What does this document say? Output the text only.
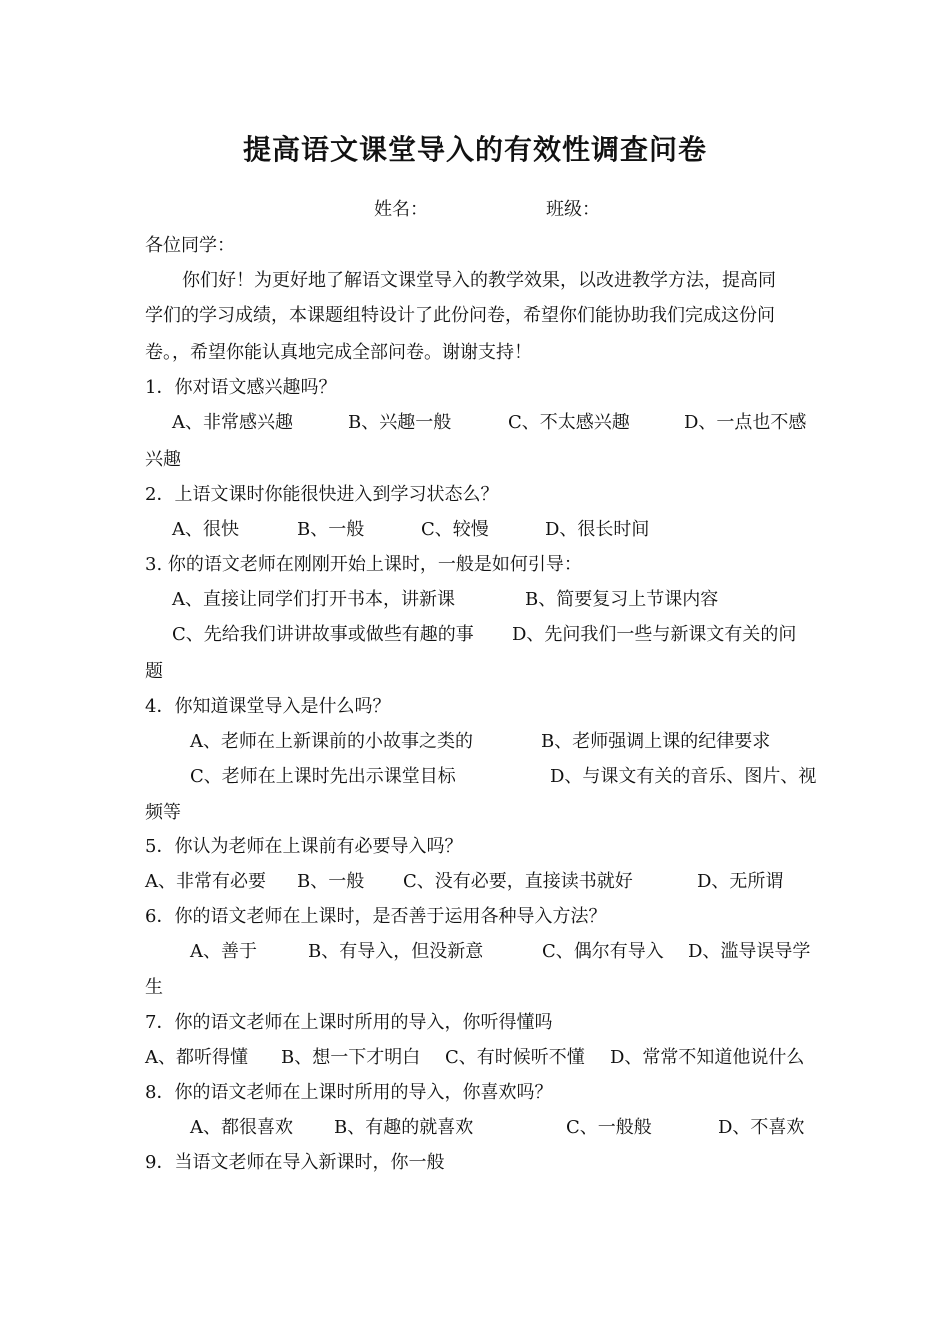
提高语文课堂导入的有效性调查问卷
姓名：	班级：
各位同学：
你们好！为更好地了解语文课堂导入的教学效果，以改进教学方法，提高同
学们的学习成绩，本课题组特设计了此份问卷，希望你们能协助我们完成这份问
卷。，希望你能认真地完成全部问卷。谢谢支持！
1．你对语文感兴趣吗？
A、非常感兴趣	B、兴趣一般	C、不太感兴趣	D、一点也不感
兴趣
2．上语文课时你能很快进入到学习状态么？
A、很快	B、一般	C、较慢	D、很长时间
3. 你的语文老师在刚刚开始上课时，一般是如何引导：
A、直接让同学们打开书本，讲新课	B、简要复习上节课内容
C、先给我们讲讲故事或做些有趣的事 D、先问我们一些与新课文有关的问
题
4．你知道课堂导入是什么吗？
A、老师在上新课前的小故事之类的	B、老师强调上课的纪律要求
C、老师在上课时先出示课堂目标	D、与课文有关的音乐、图片、视
频等
5．你认为老师在上课前有必要导入吗？
A、非常有必要 B、一般 C、没有必要，直接读书就好	D、无所谓
6．你的语文老师在上课时，是否善于运用各种导入方法？
A、善于	B、有导入，但没新意	C、偶尔有导入 D、滥导误导学
生
7．你的语文老师在上课时所用的导入，你听得懂吗
A、都听得懂 B、想一下才明白 C、有时候听不懂 D、常常不知道他说什么
8．你的语文老师在上课时所用的导入，你喜欢吗？
A、都很喜欢 B、有趣的就喜欢	C、一般般	D、不喜欢
9．当语文老师在导入新课时，你一般
